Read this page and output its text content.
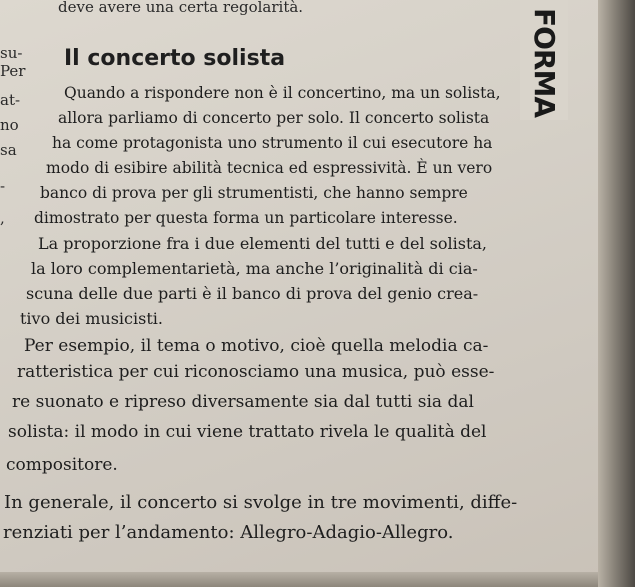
deve avere una certa regolarità.
su-
Per
at-
no
sa
-
,
Il concerto solista
Quando a rispondere non è il concertino, ma un solista,
allora parliamo di concerto per solo. Il concerto solista
ha come protagonista uno strumento il cui esecutore ha
modo di esibire abilità tecnica ed espressività. È un vero
banco di prova per gli strumentisti, che hanno sempre
dimostrato per questa forma un particolare interesse.
La proporzione fra i due elementi del tutti e del solista,
la loro complementarietà, ma anche l’originalità di cia-
scuna delle due parti è il banco di prova del genio crea-
tivo dei musicisti.
Per esempio, il tema o motivo, cioè quella melodia ca-
ratteristica per cui riconosciamo una musica, può esse-
re suonato e ripreso diversamente sia dal tutti sia dal
solista: il modo in cui viene trattato rivela le qualità del
compositore.
In generale, il concerto si svolge in tre movimenti, diffe-
renziati per l’andamento: Allegro-Adagio-Allegro.
FORMA
